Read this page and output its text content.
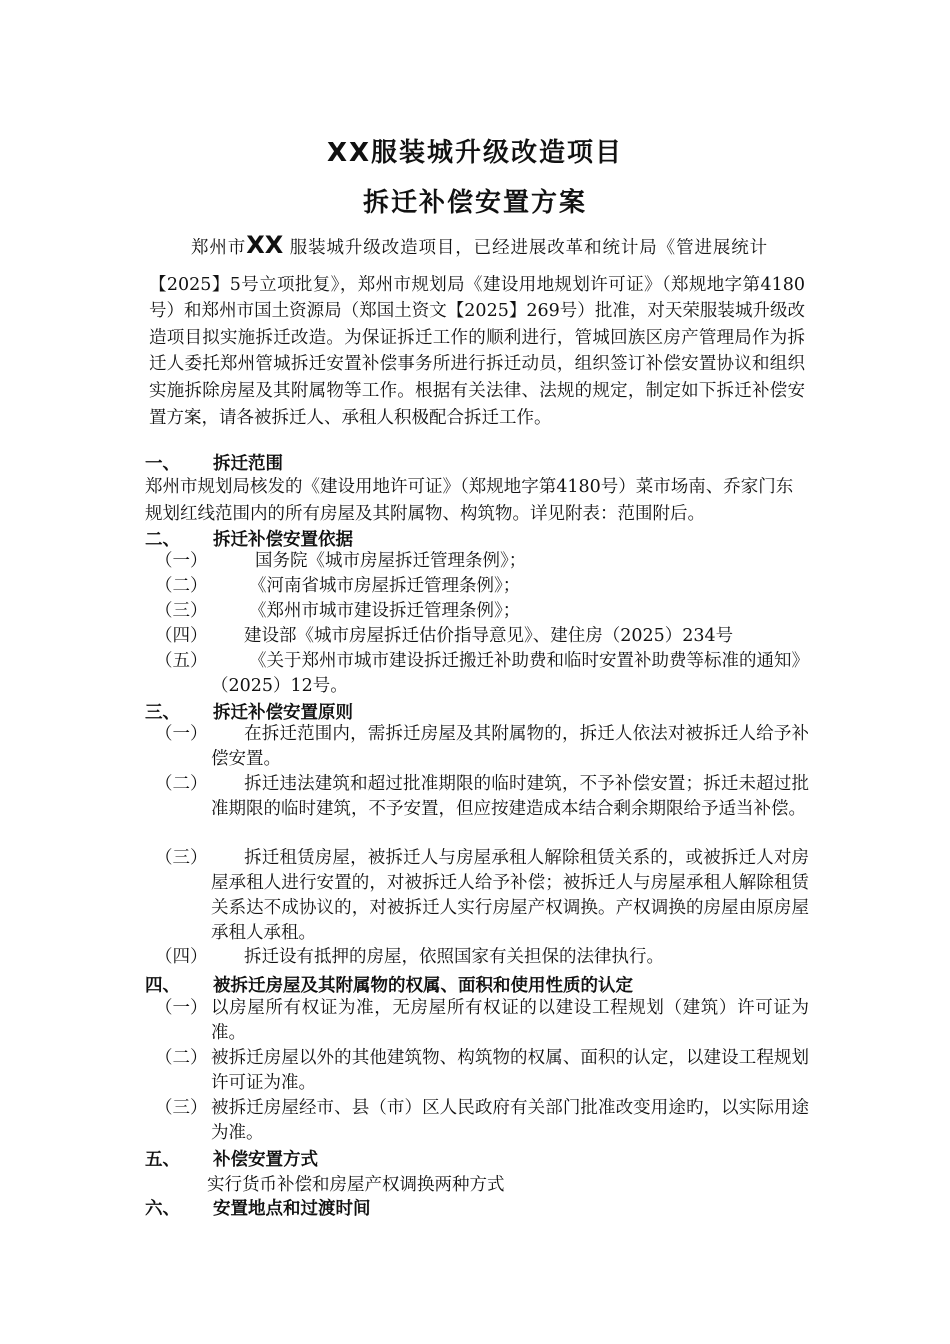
XX服装城升级改造项目
拆迁补偿安置方案
郑州市XX 服装城升级改造项目，已经进展改革和统计局《管进展统计
【2025】5号立项批复》，郑州市规划局《建设用地规划许可证》（郑规地字第4180号）和郑州市国土资源局（郑国土资文【2025】269号）批准，对天荣服装城升级改造项目拟实施拆迁改造。为保证拆迁工作的顺利进行，管城回族区房产管理局作为拆迁人委托郑州管城拆迁安置补偿事务所进行拆迁动员，组织签订补偿安置协议和组织实施拆除房屋及其附属物等工作。根据有关法律、法规的规定，制定如下拆迁补偿安置方案，请各被拆迁人、承租人积极配合拆迁工作。
一、 拆迁范围
郑州市规划局核发的《建设用地许可证》（郑规地字第4180号）菜市场南、乔家门东规划红线范围内的所有房屋及其附属物、构筑物。详见附表：范围附后。
二、 拆迁补偿安置依据
（一）	国务院《城市房屋拆迁管理条例》；
（二）	《河南省城市房屋拆迁管理条例》；
（三）	《郑州市城市建设拆迁管理条例》；
（四）	建设部《城市房屋拆迁估价指导意见》、建住房（2025）234号
（五）	《关于郑州市城市建设拆迁搬迁补助费和临时安置补助费等标准的通知》（2025）12号。
三、 拆迁补偿安置原则
（一）	在拆迁范围内，需拆迁房屋及其附属物的，拆迁人依法对被拆迁人给予补偿安置。
（二）	拆迁违法建筑和超过批准期限的临时建筑，不予补偿安置；拆迁未超过批准期限的临时建筑，不予安置，但应按建造成本结合剩余期限给予适当补偿。
（三）	拆迁租赁房屋，被拆迁人与房屋承租人解除租赁关系的，或被拆迁人对房屋承租人进行安置的，对被拆迁人给予补偿；被拆迁人与房屋承租人解除租赁关系达不成协议的，对被拆迁人实行房屋产权调换。产权调换的房屋由原房屋承租人承租。
（四）	拆迁设有抵押的房屋，依照国家有关担保的法律执行。
四、 被拆迁房屋及其附属物的权属、面积和使用性质的认定
（一） 以房屋所有权证为准，无房屋所有权证的以建设工程规划（建筑）许可证为准。
（二） 被拆迁房屋以外的其他建筑物、构筑物的权属、面积的认定，以建设工程规划许可证为准。
（三） 被拆迁房屋经市、县（市）区人民政府有关部门批准改变用途旳，以实际用途为准。
五、 补偿安置方式
实行货币补偿和房屋产权调换两种方式
六、 安置地点和过渡时间
